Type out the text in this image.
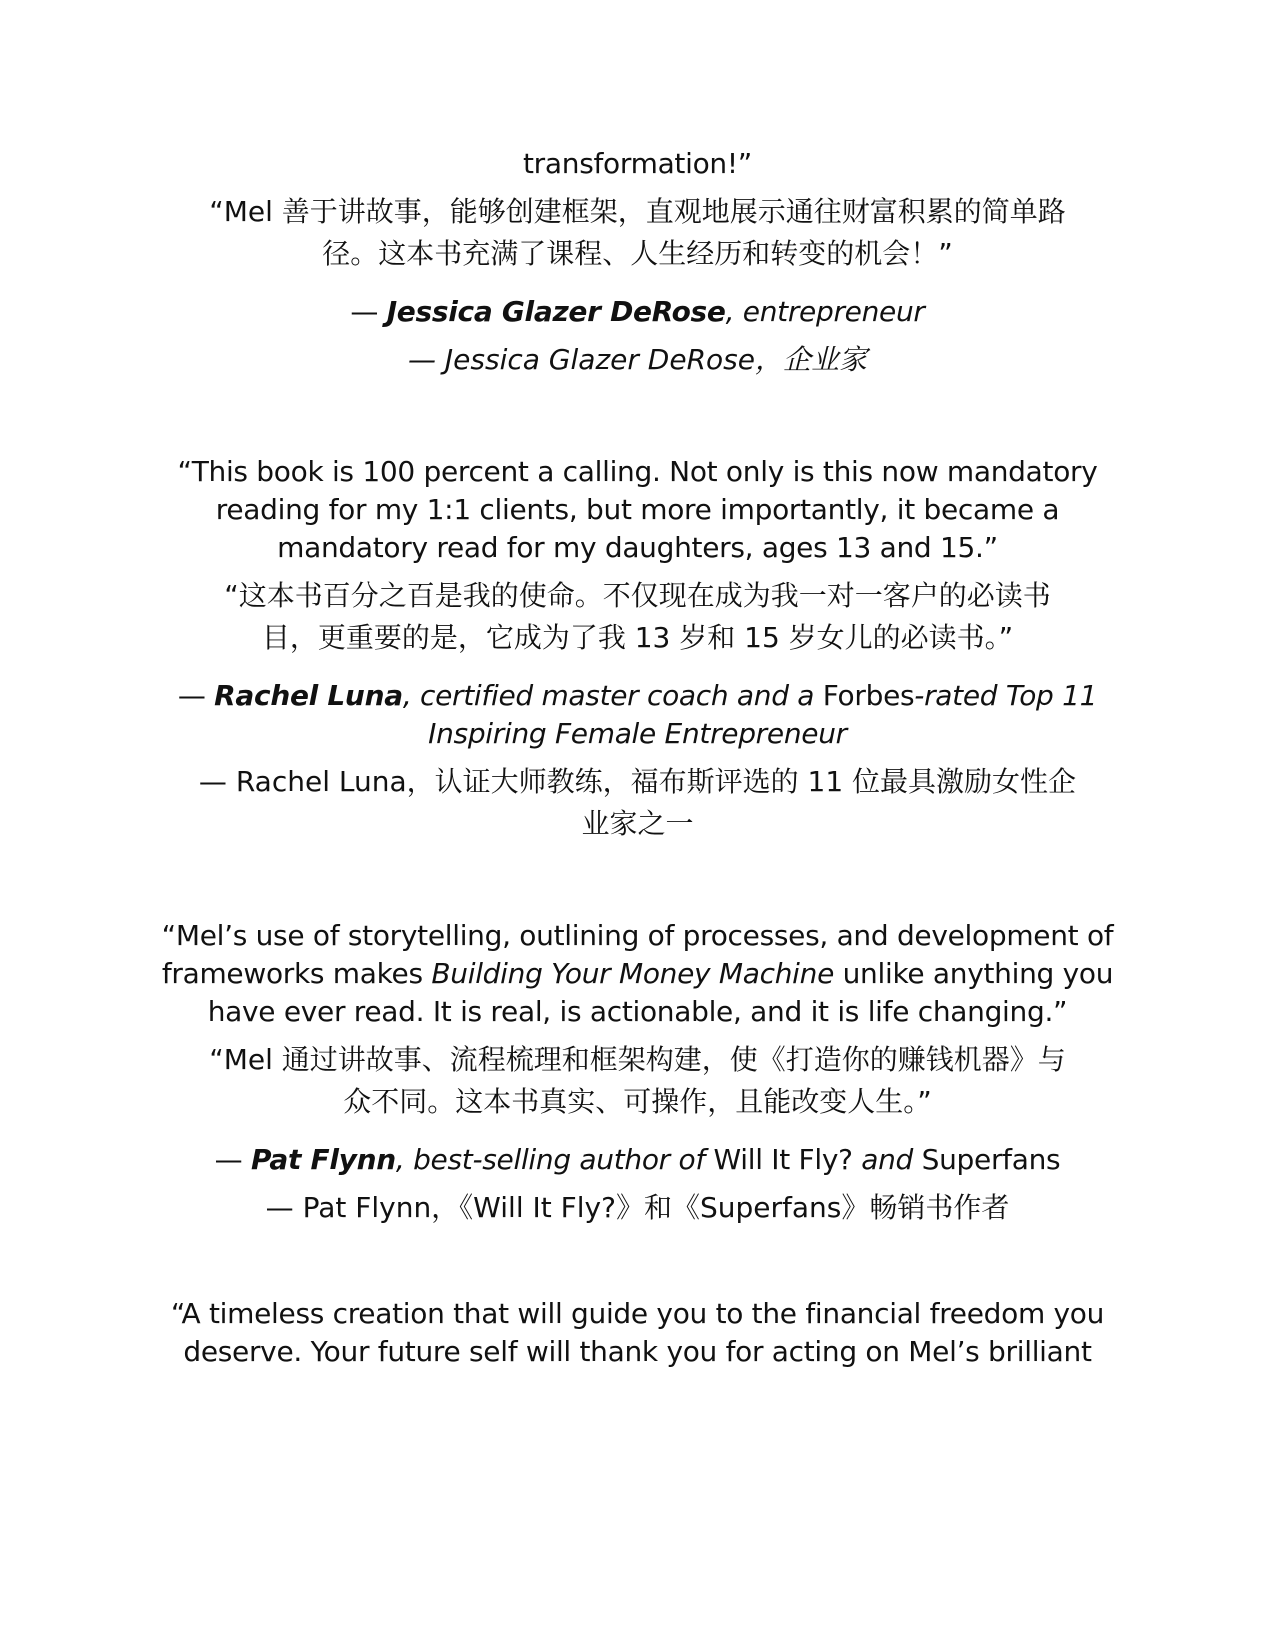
transformation!”

“Mel 善于讲故事，能够创建框架，直观地展示通往财富积累的简单路

径。这本书充满了课程、人生经历和转变的机会！”

— Jessica Glazer DeRose, entrepreneur

— Jessica Glazer DeRose，企业家

“This book is 100 percent a calling. Not only is this now mandatory

reading for my 1:1 clients, but more importantly, it became a

mandatory read for my daughters, ages 13 and 15.”

“这本书百分之百是我的使命。不仅现在成为我一对一客户的必读书

目，更重要的是，它成为了我 13 岁和 15 岁女儿的必读书。”

— Rachel Luna, certified master coach and a Forbes-rated Top 11

Inspiring Female Entrepreneur

— Rachel Luna，认证大师教练，福布斯评选的 11 位最具激励女性企

业家之一

“Mel’s use of storytelling, outlining of processes, and development of

frameworks makes Building Your Money Machine unlike anything you

have ever read. It is real, is actionable, and it is life changing.”

“Mel 通过讲故事、流程梳理和框架构建，使《打造你的赚钱机器》与

众不同。这本书真实、可操作，且能改变人生。”

— Pat Flynn, best-selling author of Will It Fly? and Superfans

— Pat Flynn，《Will It Fly?》和《Superfans》畅销书作者

“A timeless creation that will guide you to the financial freedom you

deserve. Your future self will thank you for acting on Mel’s brilliant
